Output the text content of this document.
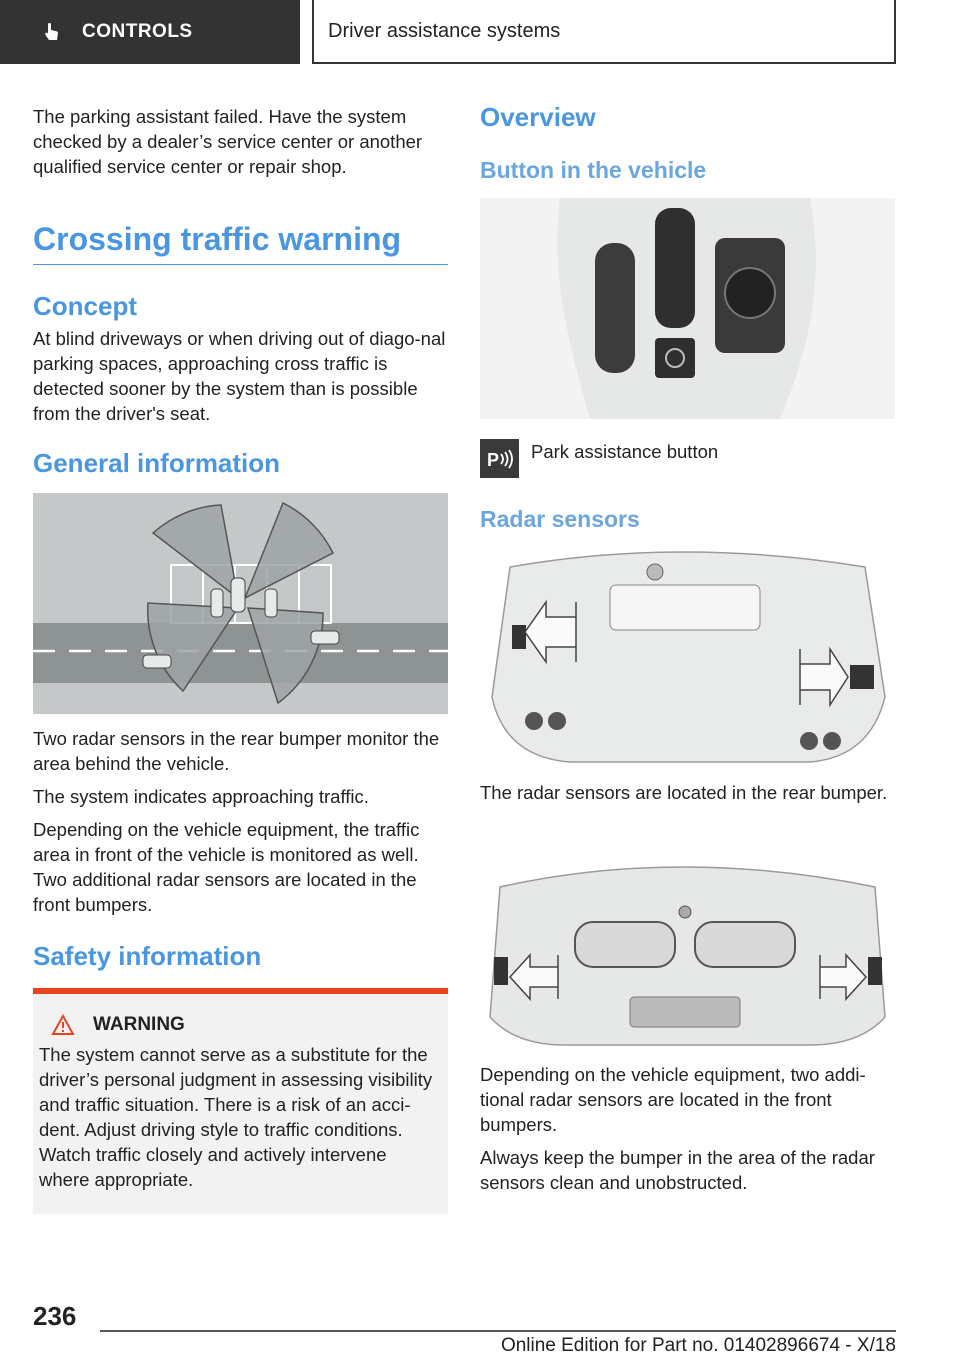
CONTROLS	Driver assistance systems

The parking assistant failed. Have the system checked by a dealer’s service center or another qualified service center or repair shop.

Crossing traffic warning
Concept

At blind driveways or when driving out of diago-nal parking spaces, approaching cross traffic is detected sooner by the system than is possible from the driver's seat.

General information

Two radar sensors in the rear bumper monitor the area behind the vehicle.

The system indicates approaching traffic.

Depending on the vehicle equipment, the traffic area in front of the vehicle is monitored as well. Two additional radar sensors are located in the front bumpers.

Safety information
WARNING

The system cannot serve as a substitute for the driver’s personal judgment in assessing visibility and traffic situation. There is a risk of an acci-dent. Adjust driving style to traffic conditions. Watch traffic closely and actively intervene where appropriate.

Overview
Button in the vehicle
P Park assistance button
Radar sensors

The radar sensors are located in the rear bumper.

Depending on the vehicle equipment, two addi-tional radar sensors are located in the front bumpers.

Always keep the bumper in the area of the radar sensors clean and unobstructed.

236
Online Edition for Part no. 01402896674 - X/18
